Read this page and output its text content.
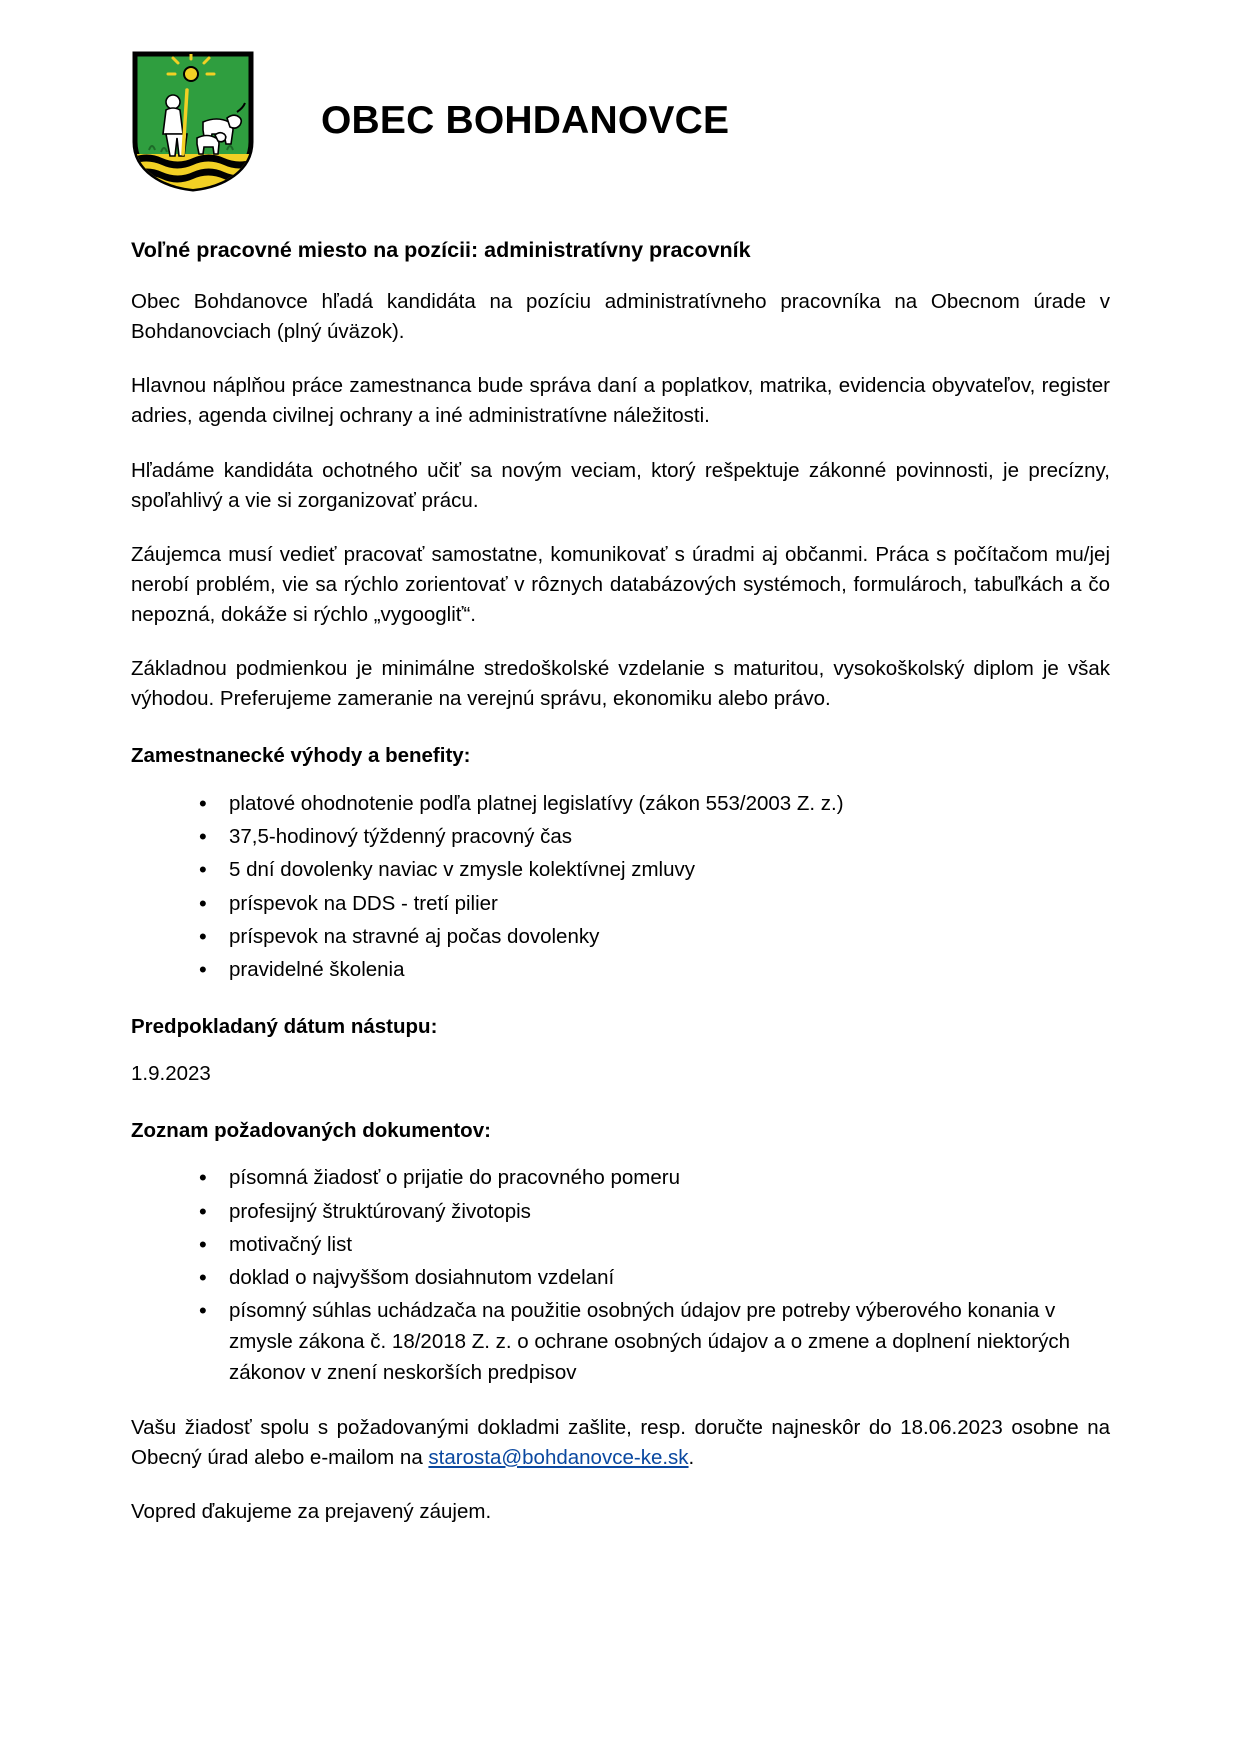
OBEC BOHDANOVCE
Voľné pracovné miesto na pozícii: administratívny pracovník

Obec Bohdanovce hľadá kandidáta na pozíciu administratívneho pracovníka na Obecnom úrade v Bohdanovciach (plný úväzok).

Hlavnou náplňou práce zamestnanca bude správa daní a poplatkov, matrika, evidencia obyvateľov, register adries, agenda civilnej ochrany a iné administratívne náležitosti.

Hľadáme kandidáta ochotného učiť sa novým veciam, ktorý rešpektuje zákonné povinnosti, je precízny, spoľahlivý a vie si zorganizovať prácu.

Záujemca musí vedieť pracovať samostatne, komunikovať s úradmi aj občanmi. Práca s počítačom mu/jej nerobí problém, vie sa rýchlo zorientovať v rôznych databázových systémoch, formulároch, tabuľkách a čo nepozná, dokáže si rýchlo „vygoogliť“.

Základnou podmienkou je minimálne stredoškolské vzdelanie s maturitou, vysokoškolský diplom je však výhodou. Preferujeme zameranie na verejnú správu, ekonomiku alebo právo.

Zamestnanecké výhody a benefity:
• platové ohodnotenie podľa platnej legislatívy (zákon 553/2003 Z. z.)
• 37,5-hodinový týždenný pracovný čas
• 5 dní dovolenky naviac v zmysle kolektívnej zmluvy
• príspevok na DDS - tretí pilier
• príspevok na stravné aj počas dovolenky
• pravidelné školenia
Predpokladaný dátum nástupu:

1.9.2023

Zoznam požadovaných dokumentov:
• písomná žiadosť o prijatie do pracovného pomeru
• profesijný štruktúrovaný životopis
• motivačný list
• doklad o najvyššom dosiahnutom vzdelaní
• písomný súhlas uchádzača na použitie osobných údajov pre potreby výberového konania v zmysle zákona č. 18/2018 Z. z. o ochrane osobných údajov a o zmene a doplnení niektorých zákonov v znení neskorších predpisov

Vašu žiadosť spolu s požadovanými dokladmi zašlite, resp. doručte najneskôr do 18.06.2023 osobne na Obecný úrad alebo e-mailom na starosta@bohdanovce-ke.sk.

Vopred ďakujeme za prejavený záujem.
